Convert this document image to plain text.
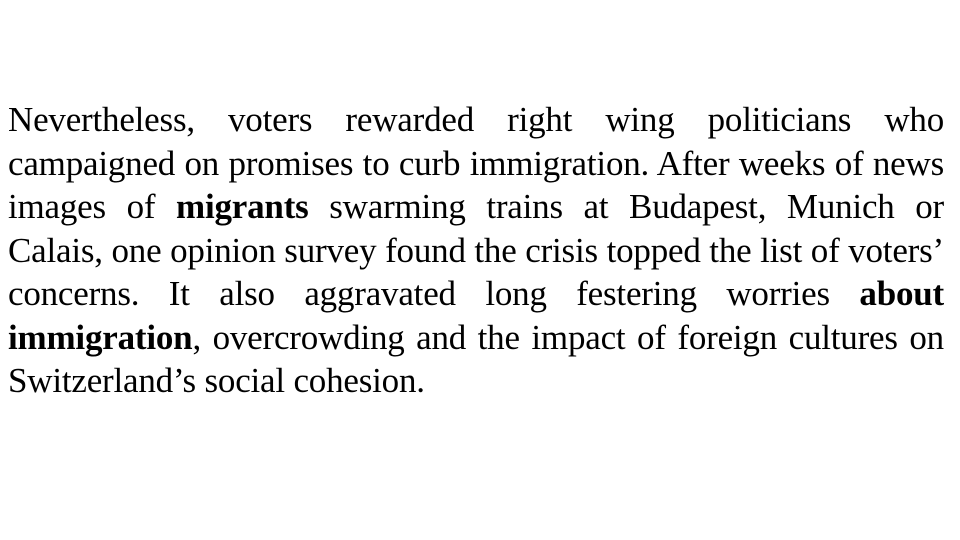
Nevertheless, voters rewarded right wing politicians who campaigned on promises to curb immigration. After weeks of news images of migrants swarming trains at Budapest, Munich or Calais, one opinion survey found the crisis topped the list of voters’ concerns. It also aggravated long festering worries about immigration, overcrowding and the impact of foreign cultures on Switzerland’s social cohesion.
